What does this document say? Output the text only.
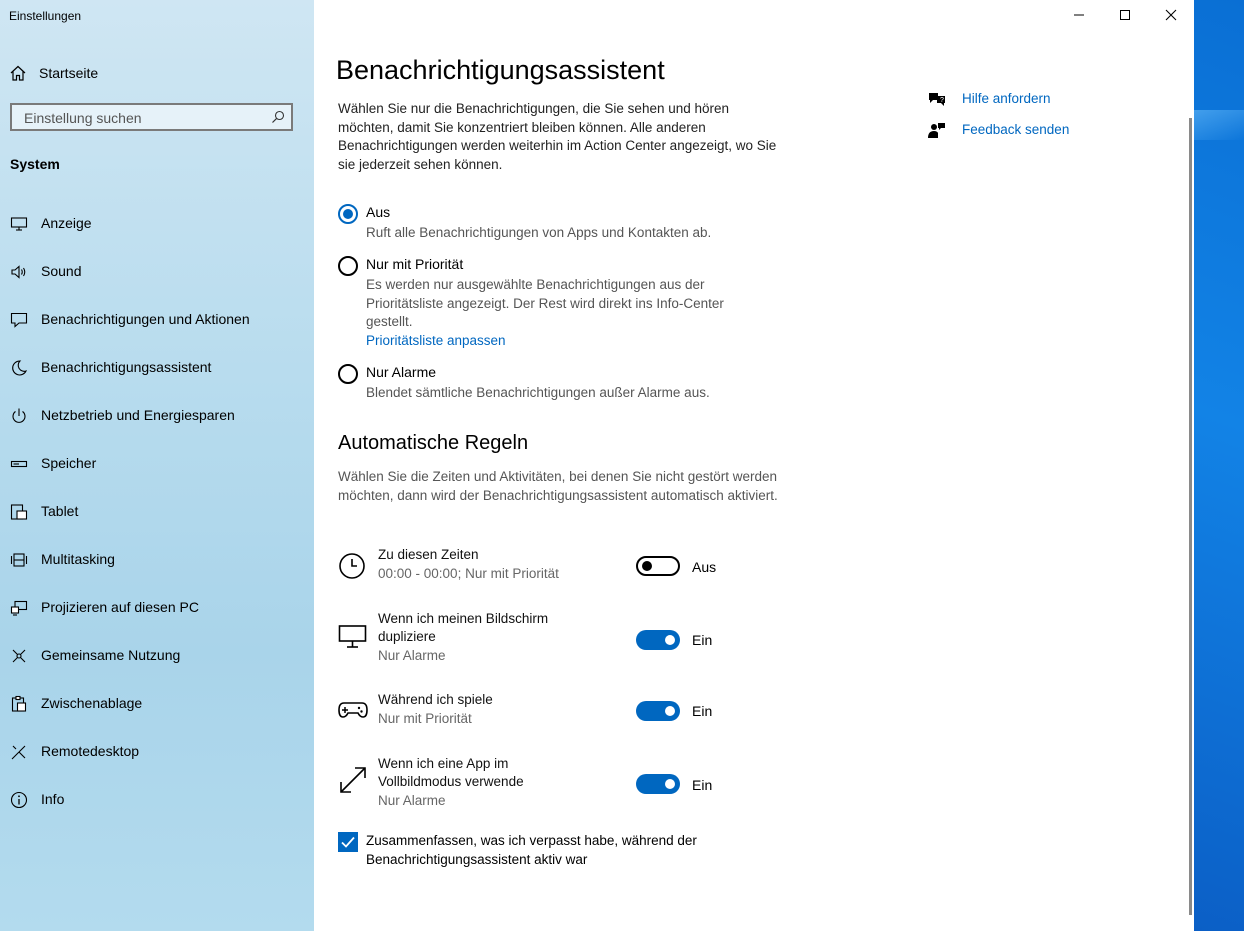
Einstellungen
Startseite
Einstellung suchen
System
Anzeige
Sound
Benachrichtigungen und Aktionen
Benachrichtigungsassistent
Netzbetrieb und Energiesparen
Speicher
Tablet
Multitasking
Projizieren auf diesen PC
Gemeinsame Nutzung
Zwischenablage
Remotedesktop
Info
Benachrichtigungsassistent
Wählen Sie nur die Benachrichtigungen, die Sie sehen und hören möchten, damit Sie konzentriert bleiben können. Alle anderen Benachrichtigungen werden weiterhin im Action Center angezeigt, wo Sie sie jederzeit sehen können.
Aus
Ruft alle Benachrichtigungen von Apps und Kontakten ab.
Nur mit Priorität
Es werden nur ausgewählte Benachrichtigungen aus der Prioritätsliste angezeigt. Der Rest wird direkt ins Info-Center gestellt.
Prioritätsliste anpassen
Nur Alarme
Blendet sämtliche Benachrichtigungen außer Alarme aus.
Automatische Regeln
Wählen Sie die Zeiten und Aktivitäten, bei denen Sie nicht gestört werden möchten, dann wird der Benachrichtigungsassistent automatisch aktiviert.
Zu diesen Zeiten
00:00 - 00:00; Nur mit Priorität	Aus
Wenn ich meinen Bildschirm dupliziere
Nur Alarme
Ein
Während ich spiele
Nur mit Priorität	Ein
Wenn ich eine App im Vollbildmodus verwende
Nur Alarme
Ein
Zusammenfassen, was ich verpasst habe, während der Benachrichtigungsassistent aktiv war
? Hilfe anfordern
Feedback senden
